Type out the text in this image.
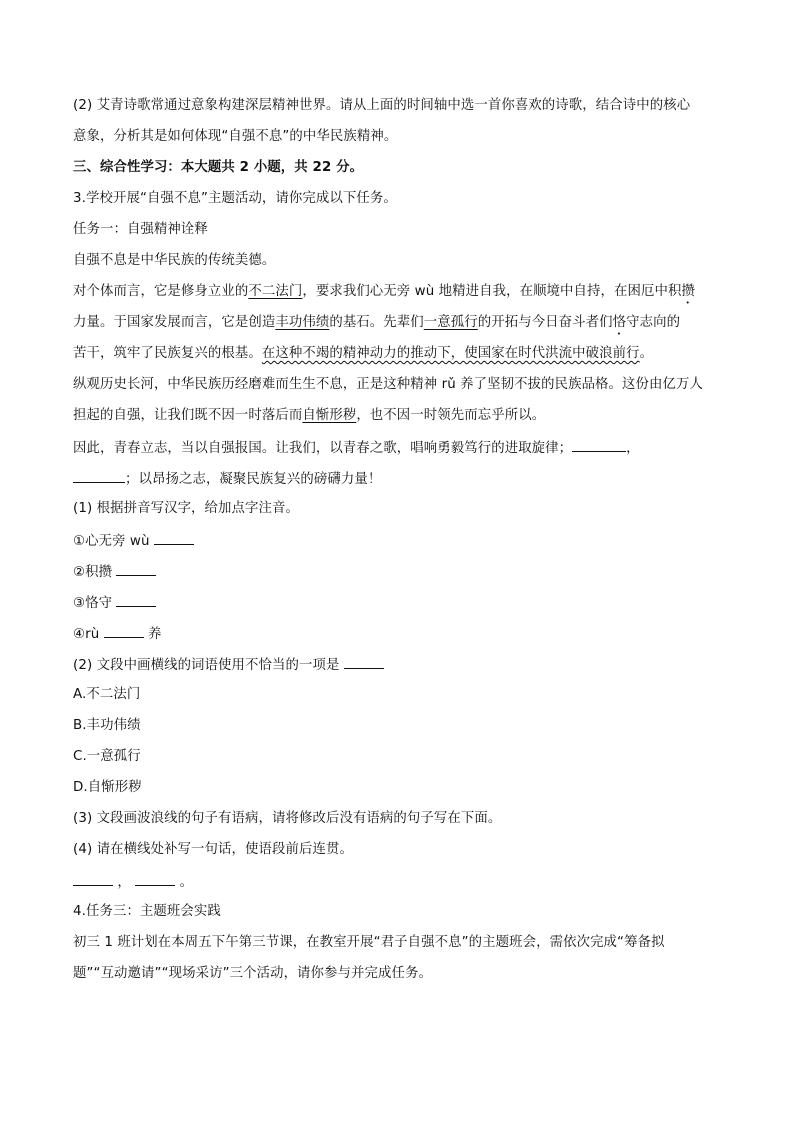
(2) 艾青诗歌常通过意象构建深层精神世界。请从上面的时间轴中选一首你喜欢的诗歌，结合诗中的核心
意象，分析其是如何体现“自强不息”的中华民族精神。
三、综合性学习：本大题共 2 小题，共 22 分。
3.学校开展“自强不息”主题活动，请你完成以下任务。
任务一：自强精神诠释
自强不息是中华民族的传统美德。
对个体而言，它是修身立业的不二法门，要求我们心无旁 wù 地精进自我，在顺境中自持，在困厄中积攒
力量。于国家发展而言，它是创造丰功伟绩的基石。先辈们一意孤行的开拓与今日奋斗者们恪守志向的
苦干，筑牢了民族复兴的根基。在这种不竭的精神动力的推动下，使国家在时代洪流中破浪前行。
纵观历史长河，中华民族历经磨难而生生不息，正是这种精神 rǔ 养了坚韧不拔的民族品格。这份由亿万人
担起的自强，让我们既不因一时落后而自惭形秽，也不因一时领先而忘乎所以。
因此，青春立志，当以自强报国。让我们，以青春之歌，唱响勇毅笃行的进取旋律；	，
；以昂扬之志，凝聚民族复兴的磅礴力量！
(1) 根据拼音写汉字，给加点字注音。
①心无旁 wù
②积攒
③恪守
④rù	养
(2) 文段中画横线的词语使用不恰当的一项是
A.不二法门
B.丰功伟绩
C.一意孤行
D.自惭形秽
(3) 文段画波浪线的句子有语病，请将修改后没有语病的句子写在下面。
(4) 请在横线处补写一句话，使语段前后连贯。
，	。
4.任务三：主题班会实践
初三 1 班计划在本周五下午第三节课，在教室开展“君子自强不息”的主题班会，需依次完成“筹备拟
题”“互动邀请”“现场采访”三个活动，请你参与并完成任务。
